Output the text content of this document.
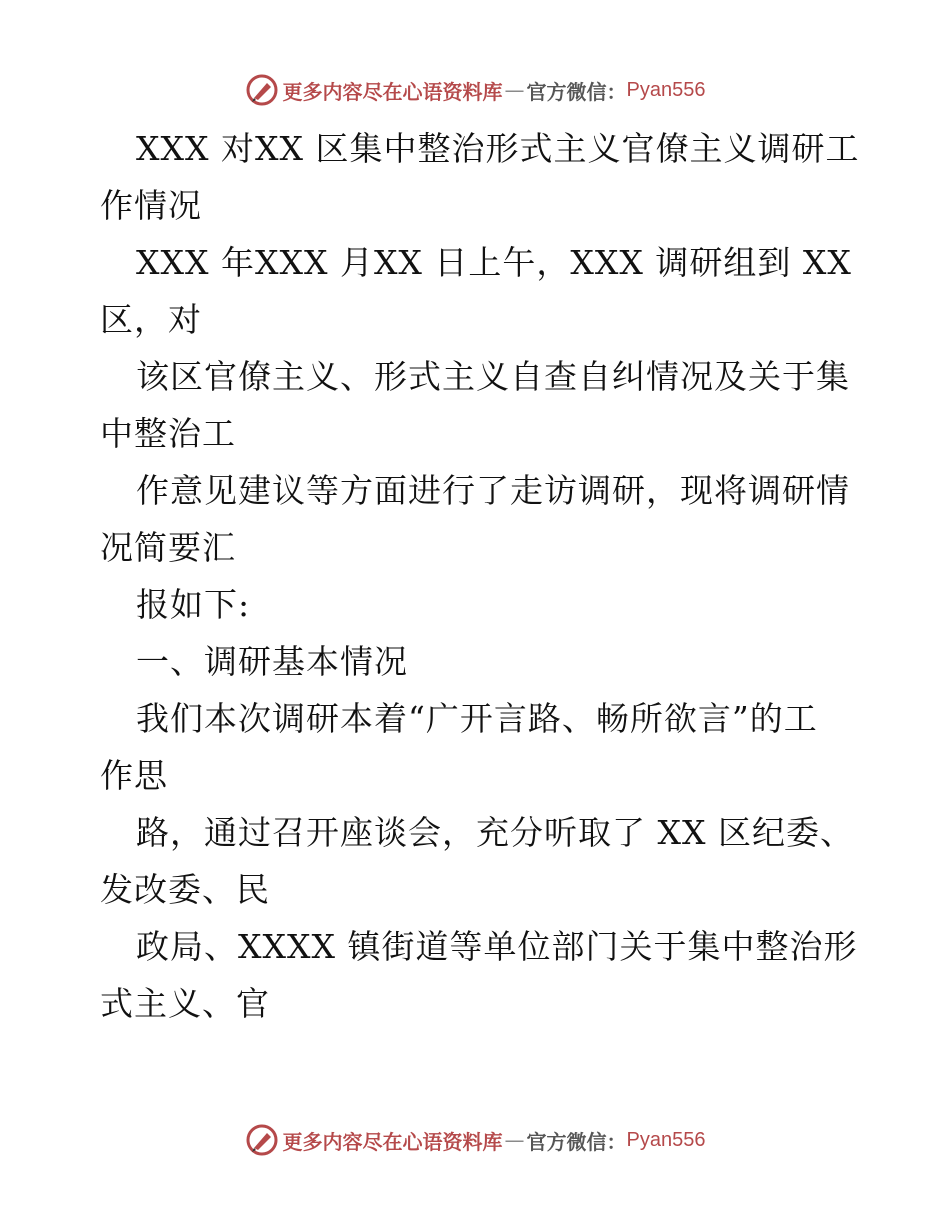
更多内容尽在心语资料库 — 官方微信： Pyan556
XXX 对XX 区集中整治形式主义官僚主义调研工
作情况
XXX 年XXX 月XX 日上午，XXX 调研组到 XX
区，对
该区官僚主义、形式主义自查自纠情况及关于集
中整治工
作意见建议等方面进行了走访调研，现将调研情
况简要汇
报如下:
一、调研基本情况
我们本次调研本着“广开言路、畅所欲言”的工
作思
路，通过召开座谈会，充分听取了 XX 区纪委、
发改委、民
政局、XXXX 镇街道等单位部门关于集中整治形
式主义、官
更多内容尽在心语资料库 — 官方微信： Pyan556
